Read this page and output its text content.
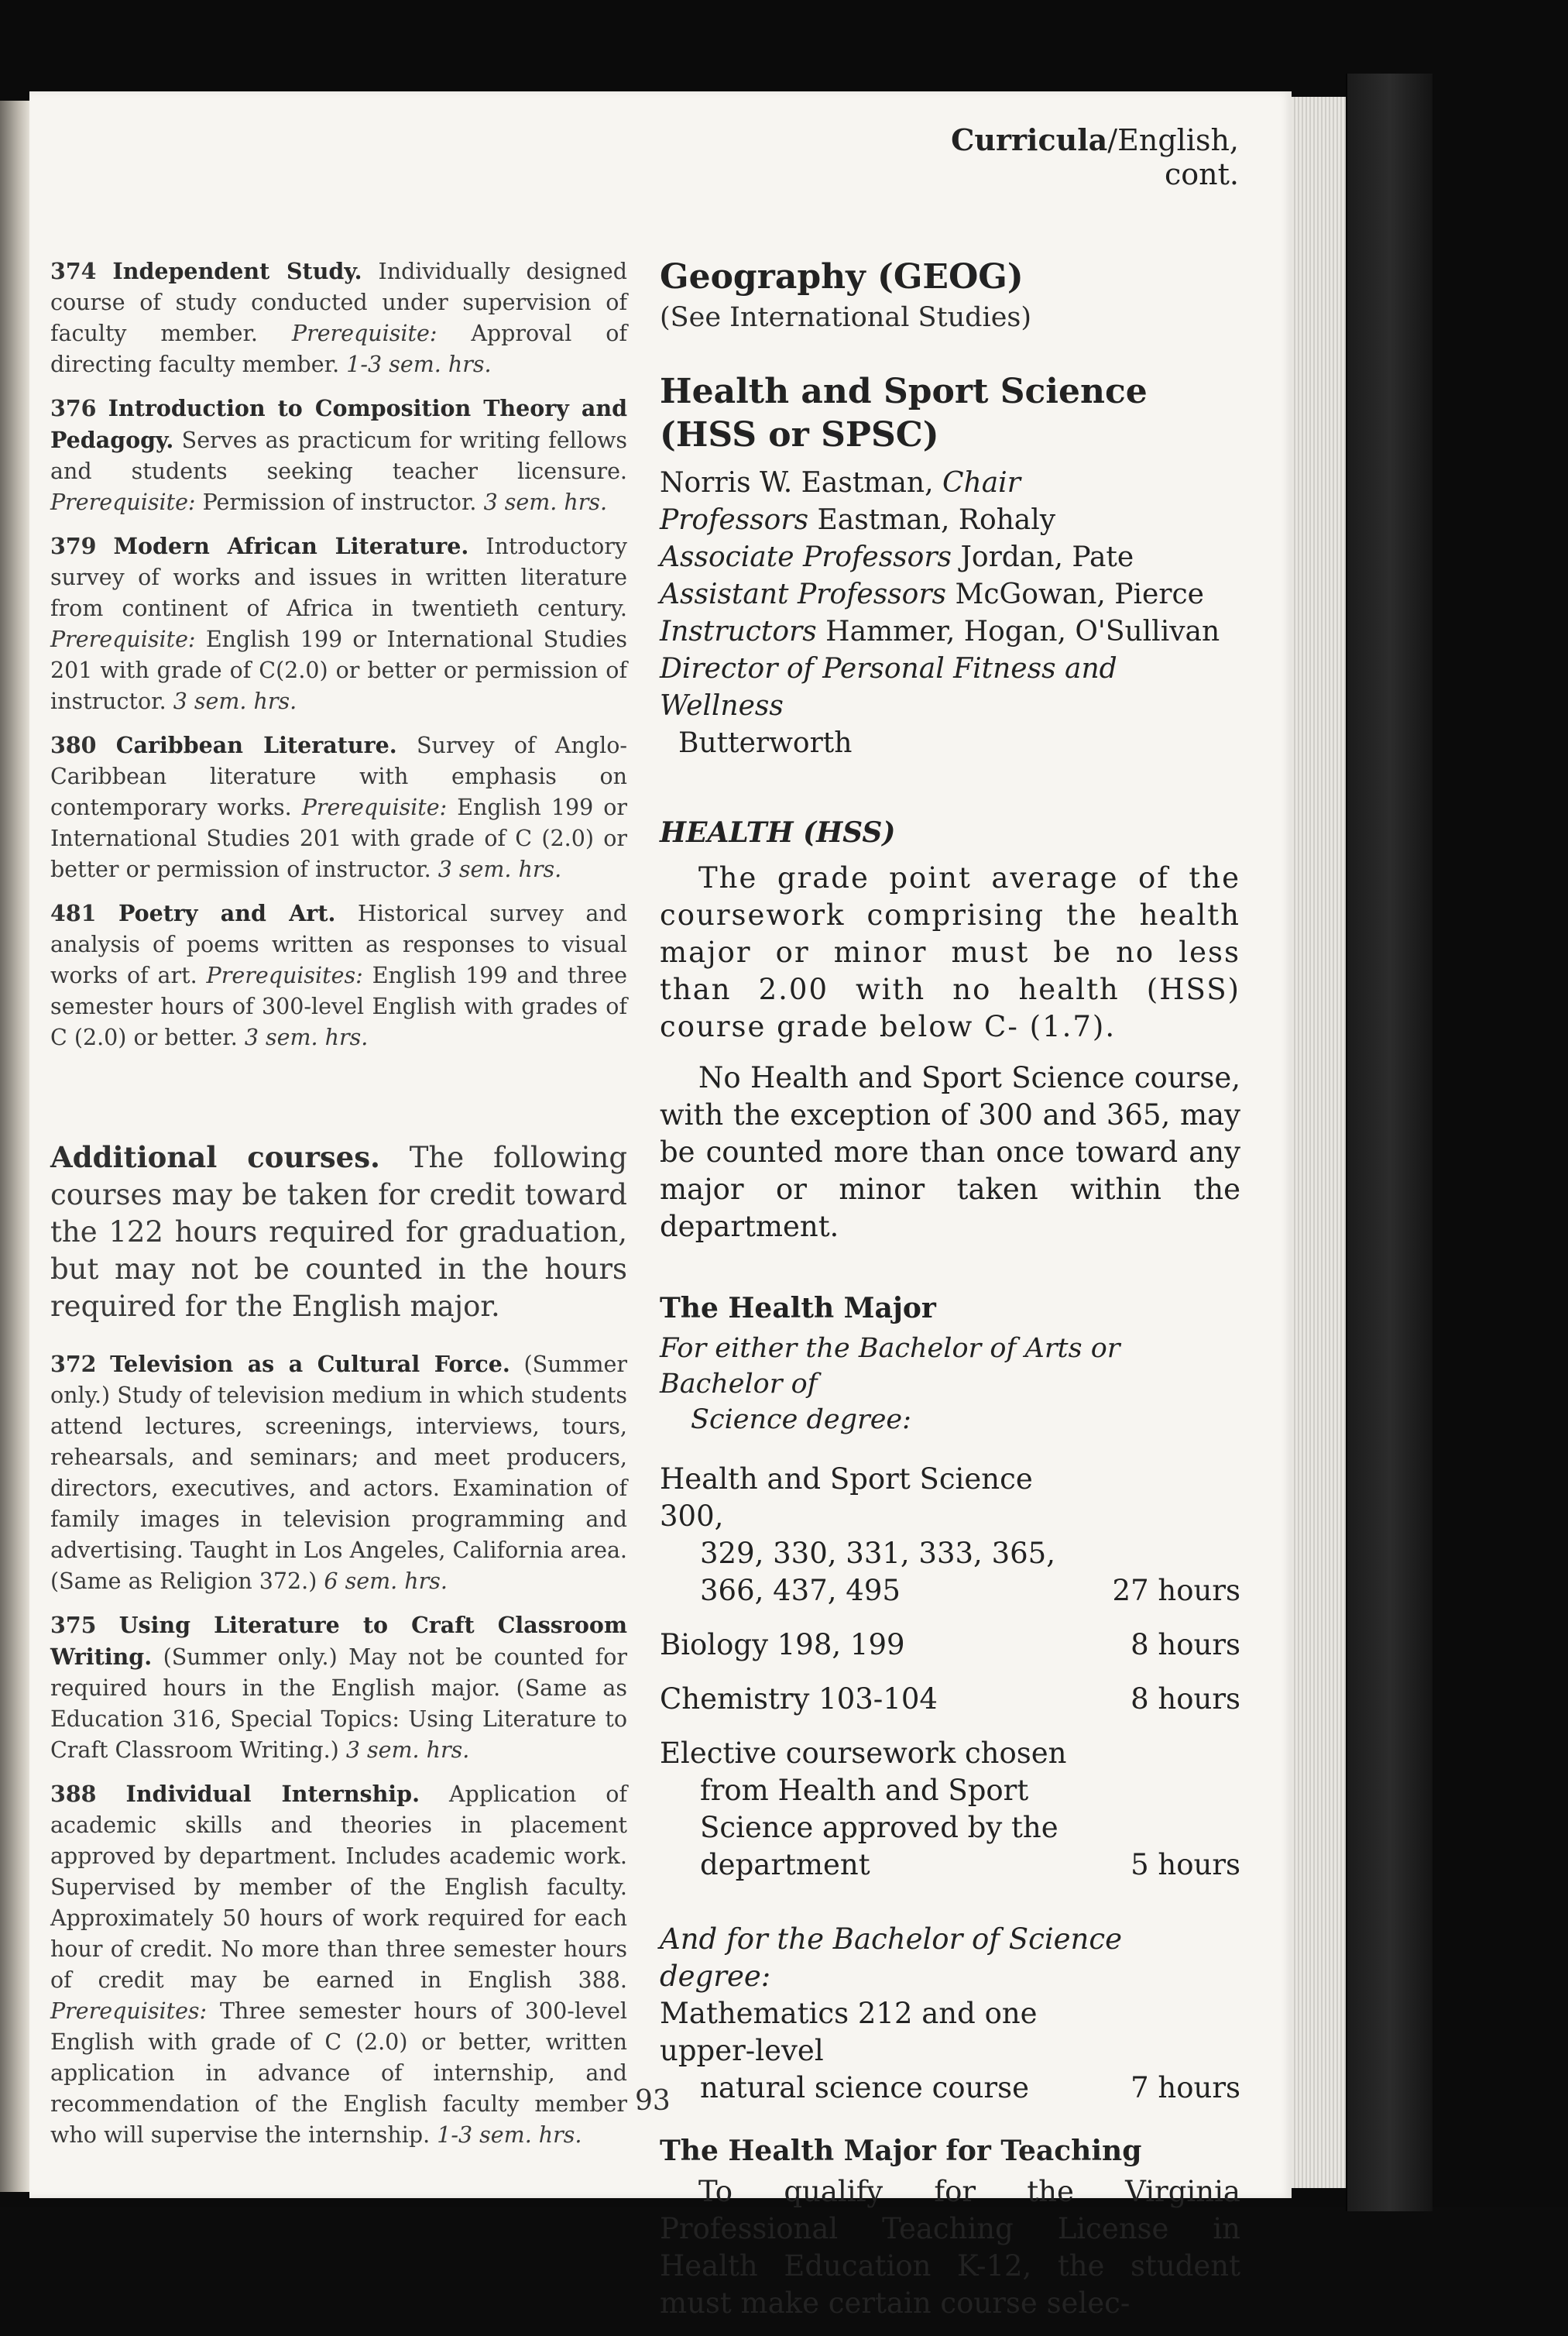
Curricula/English, cont.

374 Independent Study. Individually designed course of study conducted under supervision of faculty member. Prerequisite: Approval of directing faculty member. 1-3 sem. hrs.

376 Introduction to Composition Theory and Pedagogy. Serves as practicum for writing fellows and students seeking teacher licensure. Prerequisite: Permission of instructor. 3 sem. hrs.

379 Modern African Literature. Introductory survey of works and issues in written literature from continent of Africa in twentieth century. Prerequisite: English 199 or International Studies 201 with grade of C(2.0) or better or permission of instructor. 3 sem. hrs.

380 Caribbean Literature. Survey of Anglo-Caribbean literature with emphasis on contemporary works. Prerequisite: English 199 or International Studies 201 with grade of C (2.0) or better or permission of instructor. 3 sem. hrs.

481 Poetry and Art. Historical survey and analysis of poems written as responses to visual works of art. Prerequisites: English 199 and three semester hours of 300-level English with grades of C (2.0) or better. 3 sem. hrs.

Additional courses. The following courses may be taken for credit toward the 122 hours required for graduation, but may not be counted in the hours required for the English major.

372 Television as a Cultural Force. (Summer only.) Study of television medium in which students attend lectures, screenings, interviews, tours, rehearsals, and seminars; and meet producers, directors, executives, and actors. Examination of family images in television programming and advertising. Taught in Los Angeles, California area. (Same as Religion 372.) 6 sem. hrs.

375 Using Literature to Craft Classroom Writing. (Summer only.) May not be counted for required hours in the English major. (Same as Education 316, Special Topics: Using Literature to Craft Classroom Writing.) 3 sem. hrs.

388 Individual Internship. Application of academic skills and theories in placement approved by department. Includes academic work. Supervised by member of the English faculty. Approximately 50 hours of work required for each hour of credit. No more than three semester hours of credit may be earned in English 388. Prerequisites: Three semester hours of 300-level English with grade of C (2.0) or better, written application in advance of internship, and recommendation of the English faculty member who will supervise the internship. 1-3 sem. hrs.

Geography (GEOG)
(See International Studies)
Health and Sport Science
(HSS or SPSC)
Norris W. Eastman, Chair
Professors Eastman, Rohaly
Associate Professors Jordan, Pate
Assistant Professors McGowan, Pierce
Instructors Hammer, Hogan, O'Sullivan
Director of Personal Fitness and Wellness
Butterworth
HEALTH (HSS)

The grade point average of the coursework comprising the health major or minor must be no less than 2.00 with no health (HSS) course grade below C- (1.7).

No Health and Sport Science course, with the exception of 300 and 365, may be counted more than once toward any major or minor taken within the department.

The Health Major
For either the Bachelor of Arts or Bachelor of
Science degree:
Health and Sport Science 300,
329, 330, 331, 333, 365,
366, 437, 495	27 hours
Biology 198, 199	8 hours
Chemistry 103-104	8 hours
Elective coursework chosen
from Health and Sport
Science approved by the
department	5 hours

And for the Bachelor of Science degree:

Mathematics 212 and one upper-level
natural science course	7 hours
The Health Major for Teaching

To qualify for the Virginia Professional Teaching License in Health Education K-12, the student must make certain course selec-

93
